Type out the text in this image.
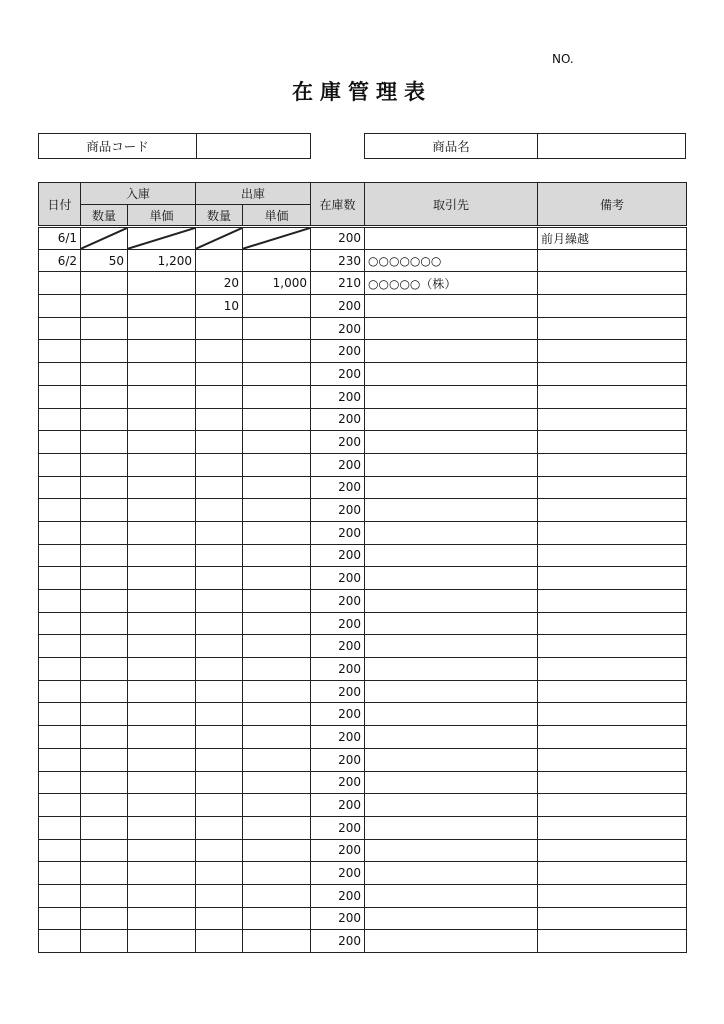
NO.
在庫管理表
商品コード	商品名
日付	入庫		出庫		在庫数	取引先	備考
	数量	単価	数量	単価			
6/1					200		前月繰越
6/2	50	1,200			230	○○○○○○○	
			20	1,000	210	○○○○○（株）	
			10		200		
					200		
					200		
					200		
					200		
					200		
					200		
					200		
					200		
					200		
					200		
					200		
					200		
					200		
					200		
					200		
					200		
					200		
					200		
					200		
					200		
					200		
					200		
					200		
					200		
					200		
					200		
					200		
					200		
